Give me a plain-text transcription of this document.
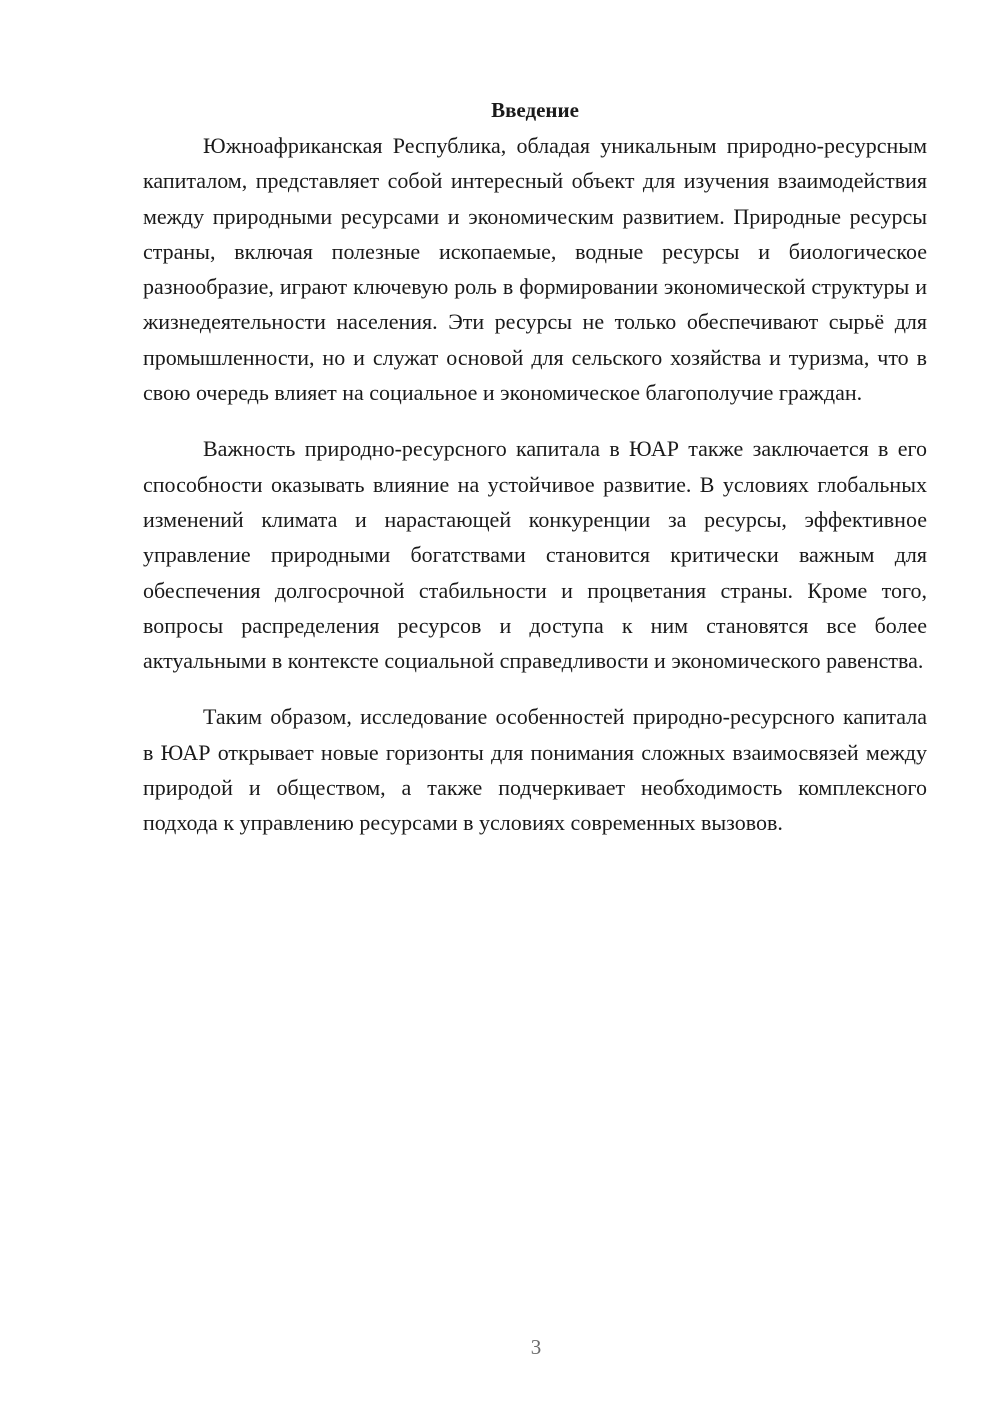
Введение

Южноафриканская Республика, обладая уникальным природно-ресурсным капиталом, представляет собой интересный объект для изучения взаимодействия между природными ресурсами и экономическим развитием. Природные ресурсы страны, включая полезные ископаемые, водные ресурсы и биологическое разнообразие, играют ключевую роль в формировании экономической структуры и жизнедеятельности населения. Эти ресурсы не только обеспечивают сырьё для промышленности, но и служат основой для сельского хозяйства и туризма, что в свою очередь влияет на социальное и экономическое благополучие граждан.

Важность природно-ресурсного капитала в ЮАР также заключается в его способности оказывать влияние на устойчивое развитие. В условиях глобальных изменений климата и нарастающей конкуренции за ресурсы, эффективное управление природными богатствами становится критически важным для обеспечения долгосрочной стабильности и процветания страны. Кроме того, вопросы распределения ресурсов и доступа к ним становятся все более актуальными в контексте социальной справедливости и экономического равенства.

Таким образом, исследование особенностей природно-ресурсного капитала в ЮАР открывает новые горизонты для понимания сложных взаимосвязей между природой и обществом, а также подчеркивает необходимость комплексного подхода к управлению ресурсами в условиях современных вызовов.

3
